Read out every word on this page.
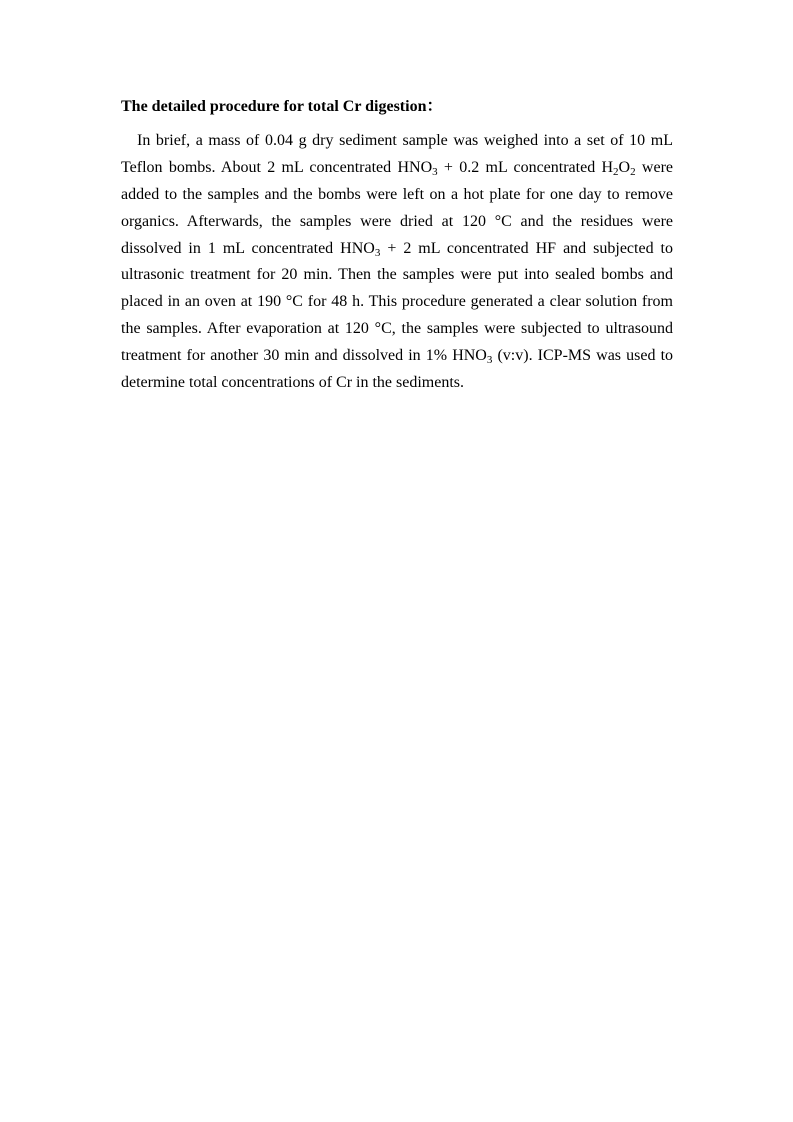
The detailed procedure for total Cr digestion：
In brief, a mass of 0.04 g dry sediment sample was weighed into a set of 10 mL
Teflon bombs. About 2 mL concentrated $HNO_3 + 0.2$ mL concentrated $H_2O_2$ were
added to the samples and the bombs were left on a hot plate for one day to remove
organics. Afterwards, the samples were dried at 120 °C and the residues were
dissolved in 1 mL concentrated $HNO_3 + 2$ mL concentrated HF and subjected to
ultrasonic treatment for 20 min. Then the samples were put into sealed bombs and
placed in an oven at 190 °C for 48 h. This procedure generated a clear solution from
the samples. After evaporation at 120 °C, the samples were subjected to ultrasound
treatment for another 30 min and dissolved in 1% $HNO_3$ (v:v). ICP-MS was used to
determine total concentrations of Cr in the sediments.
